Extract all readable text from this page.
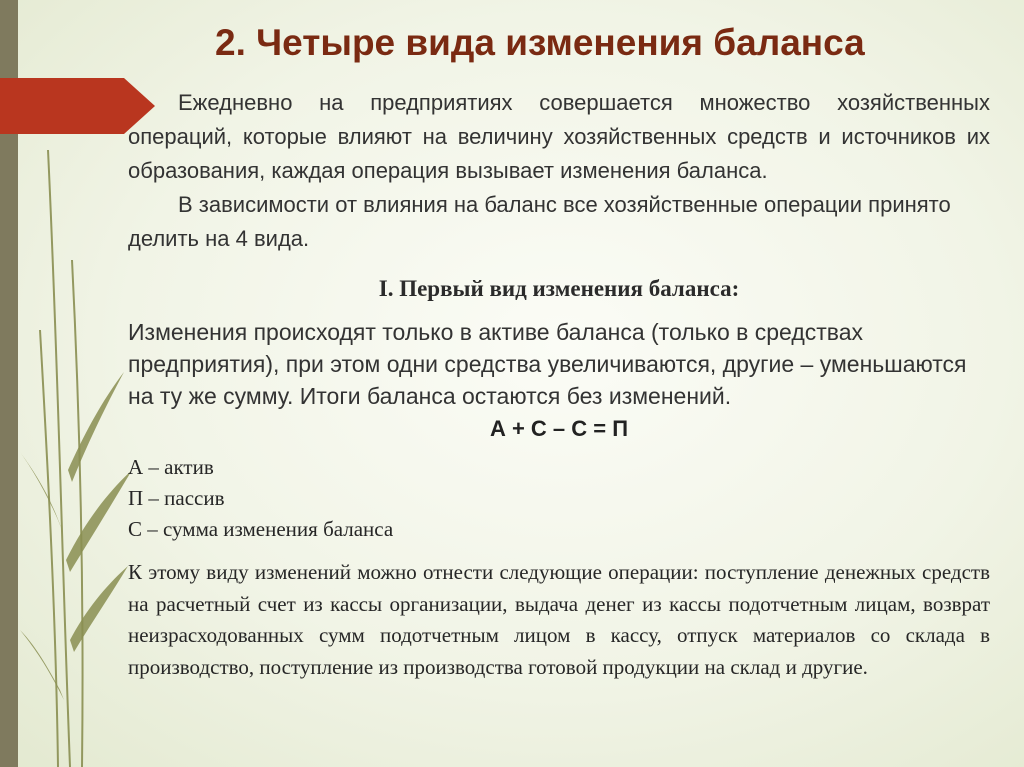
2. Четыре вида изменения баланса

Ежедневно на предприятиях совершается множество хозяйственных операций, которые влияют на величину хозяйственных средств и источников их образования, каждая операция вызывает изменения баланса.

В зависимости от влияния на баланс все хозяйственные операции принято делить на 4 вида.

I. Первый вид изменения баланса:

Изменения происходят только в активе баланса (только в средствах предприятия), при этом одни средства увеличиваются, другие – уменьшаются на ту же сумму. Итоги баланса остаются без изменений.

А + С – С = П
А – актив
П – пассив
С – сумма изменения баланса

К этому виду изменений можно отнести следующие операции: поступление денежных средств на расчетный счет из кассы организации, выдача денег из кассы подотчетным лицам, возврат неизрасходованных сумм подотчетным лицом в кассу, отпуск материалов со склада в производство, поступление из производства готовой продукции на склад и другие.
